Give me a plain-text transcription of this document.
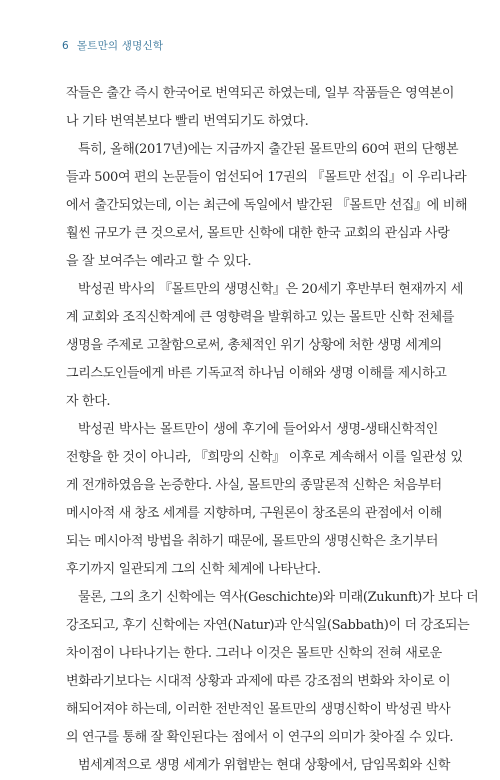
6 몰트만의 생명신학
작들은 출간 즉시 한국어로 번역되곤 하였는데, 일부 작품들은 영역본이
나 기타 번역본보다 빨리 번역되기도 하였다.
특히, 올해(2017년)에는 지금까지 출간된 몰트만의 60여 편의 단행본
들과 500여 편의 논문들이 엄선되어 17권의 『몰트만 선집』이 우리나라
에서 출간되었는데, 이는 최근에 독일에서 발간된 『몰트만 선집』에 비해
훨씬 규모가 큰 것으로서, 몰트만 신학에 대한 한국 교회의 관심과 사랑
을 잘 보여주는 예라고 할 수 있다.
박성권 박사의 『몰트만의 생명신학』은 20세기 후반부터 현재까지 세
계 교회와 조직신학계에 큰 영향력을 발휘하고 있는 몰트만 신학 전체를
생명을 주제로 고찰함으로써, 총체적인 위기 상황에 처한 생명 세계의
그리스도인들에게 바른 기독교적 하나님 이해와 생명 이해를 제시하고
자 한다.
박성권 박사는 몰트만이 생에 후기에 들어와서 생명-생태신학적인
전향을 한 것이 아니라, 『희망의 신학』 이후로 계속해서 이를 일관성 있
게 전개하였음을 논증한다. 사실, 몰트만의 종말론적 신학은 처음부터
메시아적 새 창조 세계를 지향하며, 구원론이 창조론의 관점에서 이해
되는 메시아적 방법을 취하기 때문에, 몰트만의 생명신학은 초기부터
후기까지 일관되게 그의 신학 체계에 나타난다.
물론, 그의 초기 신학에는 역사(Geschichte)와 미래(Zukunft)가 보다 더
강조되고, 후기 신학에는 자연(Natur)과 안식일(Sabbath)이 더 강조되는
차이점이 나타나기는 한다. 그러나 이것은 몰트만 신학의 전혀 새로운
변화라기보다는 시대적 상황과 과제에 따른 강조점의 변화와 차이로 이
해되어져야 하는데, 이러한 전반적인 몰트만의 생명신학이 박성권 박사
의 연구를 통해 잘 확인된다는 점에서 이 연구의 의미가 찾아질 수 있다.
범세계적으로 생명 세계가 위협받는 현대 상황에서, 담임목회와 신학
